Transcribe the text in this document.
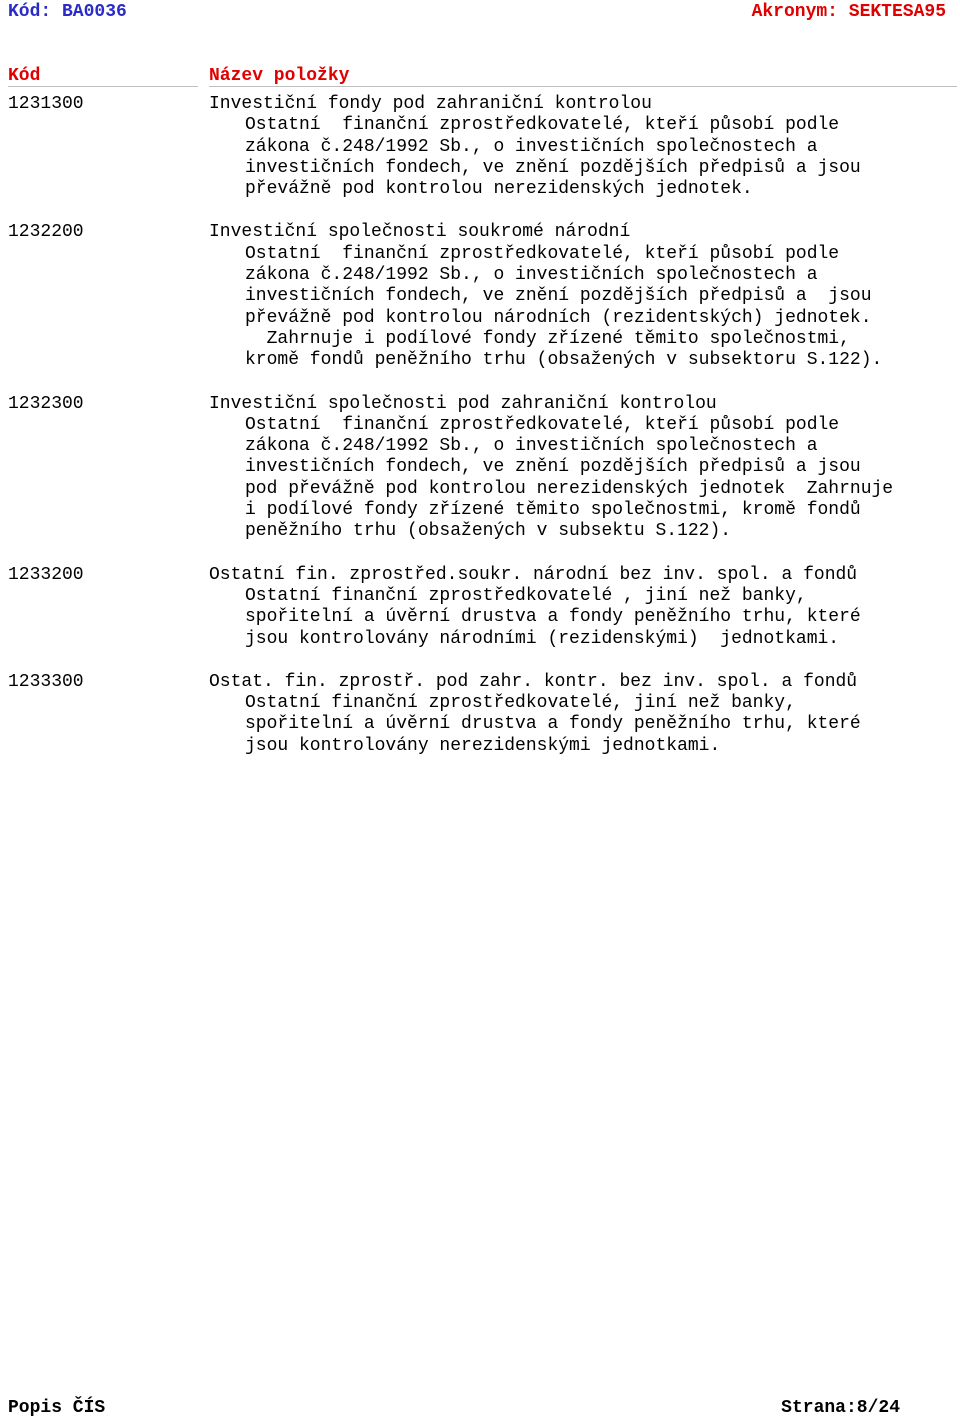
Kód: BA0036	Akronym: SEKTESA95
Kód	Název položky
1231300	Investiční fondy pod zahraniční kontrolou
Ostatní  finanční zprostředkovatelé, kteří působí podle
zákona č.248/1992 Sb., o investičních společnostech a
investičních fondech, ve znění pozdějších předpisů a jsou
převážně pod kontrolou nerezidenských jednotek.
1232200	Investiční společnosti soukromé národní
Ostatní  finanční zprostředkovatelé, kteří působí podle
zákona č.248/1992 Sb., o investičních společnostech a
investičních fondech, ve znění pozdějších předpisů a  jsou
převážně pod kontrolou národních (rezidentských) jednotek.
Zahrnuje i podílové fondy zřízené těmito společnostmi,
kromě fondů peněžního trhu (obsažených v subsektoru S.122).
1232300	Investiční společnosti pod zahraniční kontrolou
Ostatní  finanční zprostředkovatelé, kteří působí podle
zákona č.248/1992 Sb., o investičních společnostech a
investičních fondech, ve znění pozdějších předpisů a jsou
pod převážně pod kontrolou nerezidenských jednotek  Zahrnuje
i podílové fondy zřízené těmito společnostmi, kromě fondů
peněžního trhu (obsažených v subsektu S.122).
1233200	Ostatní fin. zprostřed.soukr. národní bez inv. spol. a fondů
Ostatní finanční zprostředkovatelé , jiní než banky,
spořitelní a úvěrní drustva a fondy peněžního trhu, které
jsou kontrolovány národními (rezidenskými)  jednotkami.
1233300	Ostat. fin. zprostř. pod zahr. kontr. bez inv. spol. a fondů
Ostatní finanční zprostředkovatelé, jiní než banky,
spořitelní a úvěrní drustva a fondy peněžního trhu, které
jsou kontrolovány nerezidenskými jednotkami.
Popis ČÍS	Strana:8/24
